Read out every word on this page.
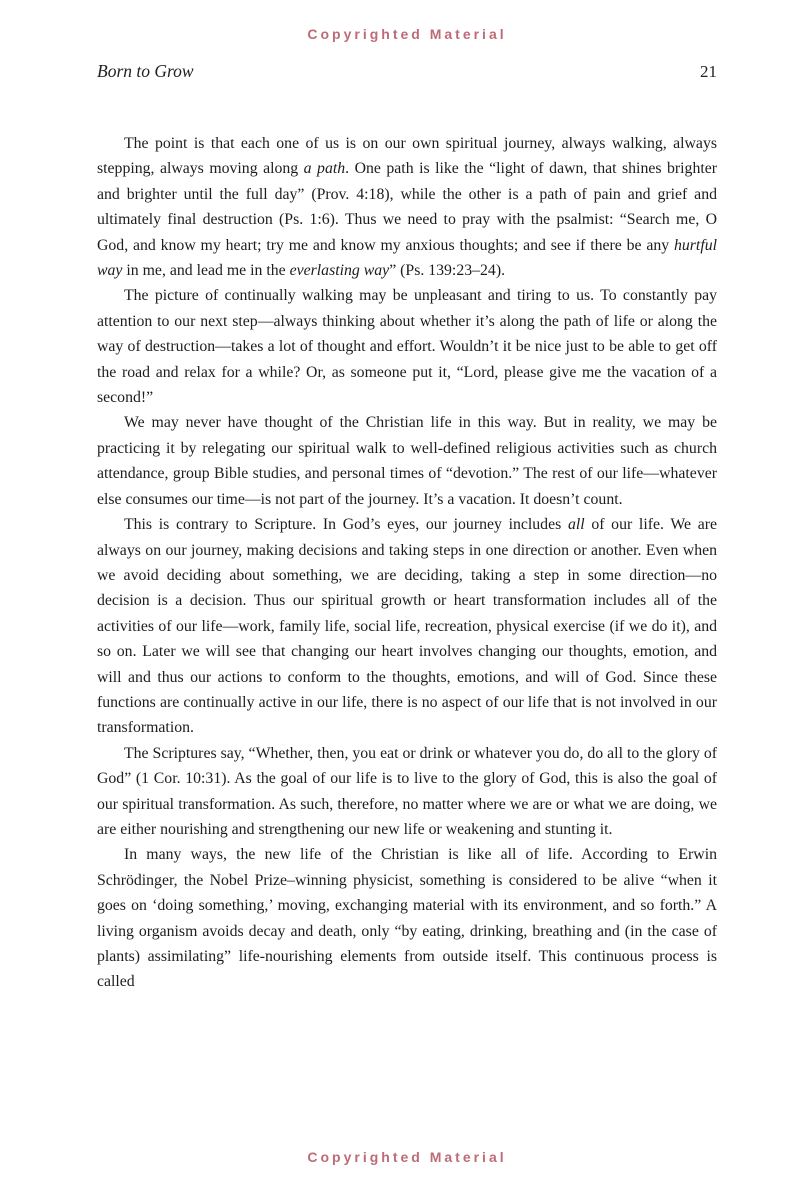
Copyrighted Material
Born to Grow	21

The point is that each one of us is on our own spiritual journey, always walking, always stepping, always moving along a path. One path is like the “light of dawn, that shines brighter and brighter until the full day” (Prov. 4:18), while the other is a path of pain and grief and ultimately final destruction (Ps. 1:6). Thus we need to pray with the psalmist: “Search me, O God, and know my heart; try me and know my anxious thoughts; and see if there be any hurtful way in me, and lead me in the everlasting way” (Ps. 139:23–24).

The picture of continually walking may be unpleasant and tiring to us. To constantly pay attention to our next step—always thinking about whether it’s along the path of life or along the way of destruction—takes a lot of thought and effort. Wouldn’t it be nice just to be able to get off the road and relax for a while? Or, as someone put it, “Lord, please give me the vacation of a second!”

We may never have thought of the Christian life in this way. But in reality, we may be practicing it by relegating our spiritual walk to well-defined religious activities such as church attendance, group Bible studies, and personal times of “devotion.” The rest of our life—whatever else consumes our time—is not part of the journey. It’s a vacation. It doesn’t count.

This is contrary to Scripture. In God’s eyes, our journey includes all of our life. We are always on our journey, making decisions and taking steps in one direction or another. Even when we avoid deciding about something, we are deciding, taking a step in some direction—no decision is a decision. Thus our spiritual growth or heart transformation includes all of the activities of our life—work, family life, social life, recreation, physical exercise (if we do it), and so on. Later we will see that changing our heart involves changing our thoughts, emotion, and will and thus our actions to conform to the thoughts, emotions, and will of God. Since these functions are continually active in our life, there is no aspect of our life that is not involved in our transformation.

The Scriptures say, “Whether, then, you eat or drink or whatever you do, do all to the glory of God” (1 Cor. 10:31). As the goal of our life is to live to the glory of God, this is also the goal of our spiritual transformation. As such, therefore, no matter where we are or what we are doing, we are either nourishing and strengthening our new life or weakening and stunting it.

In many ways, the new life of the Christian is like all of life. According to Erwin Schrödinger, the Nobel Prize–winning physicist, something is considered to be alive “when it goes on ‘doing something,’ moving, exchanging material with its environment, and so forth.” A living organism avoids decay and death, only “by eating, drinking, breathing and (in the case of plants) assimilating” life-nourishing elements from outside itself. This continuous process is called

Copyrighted Material
